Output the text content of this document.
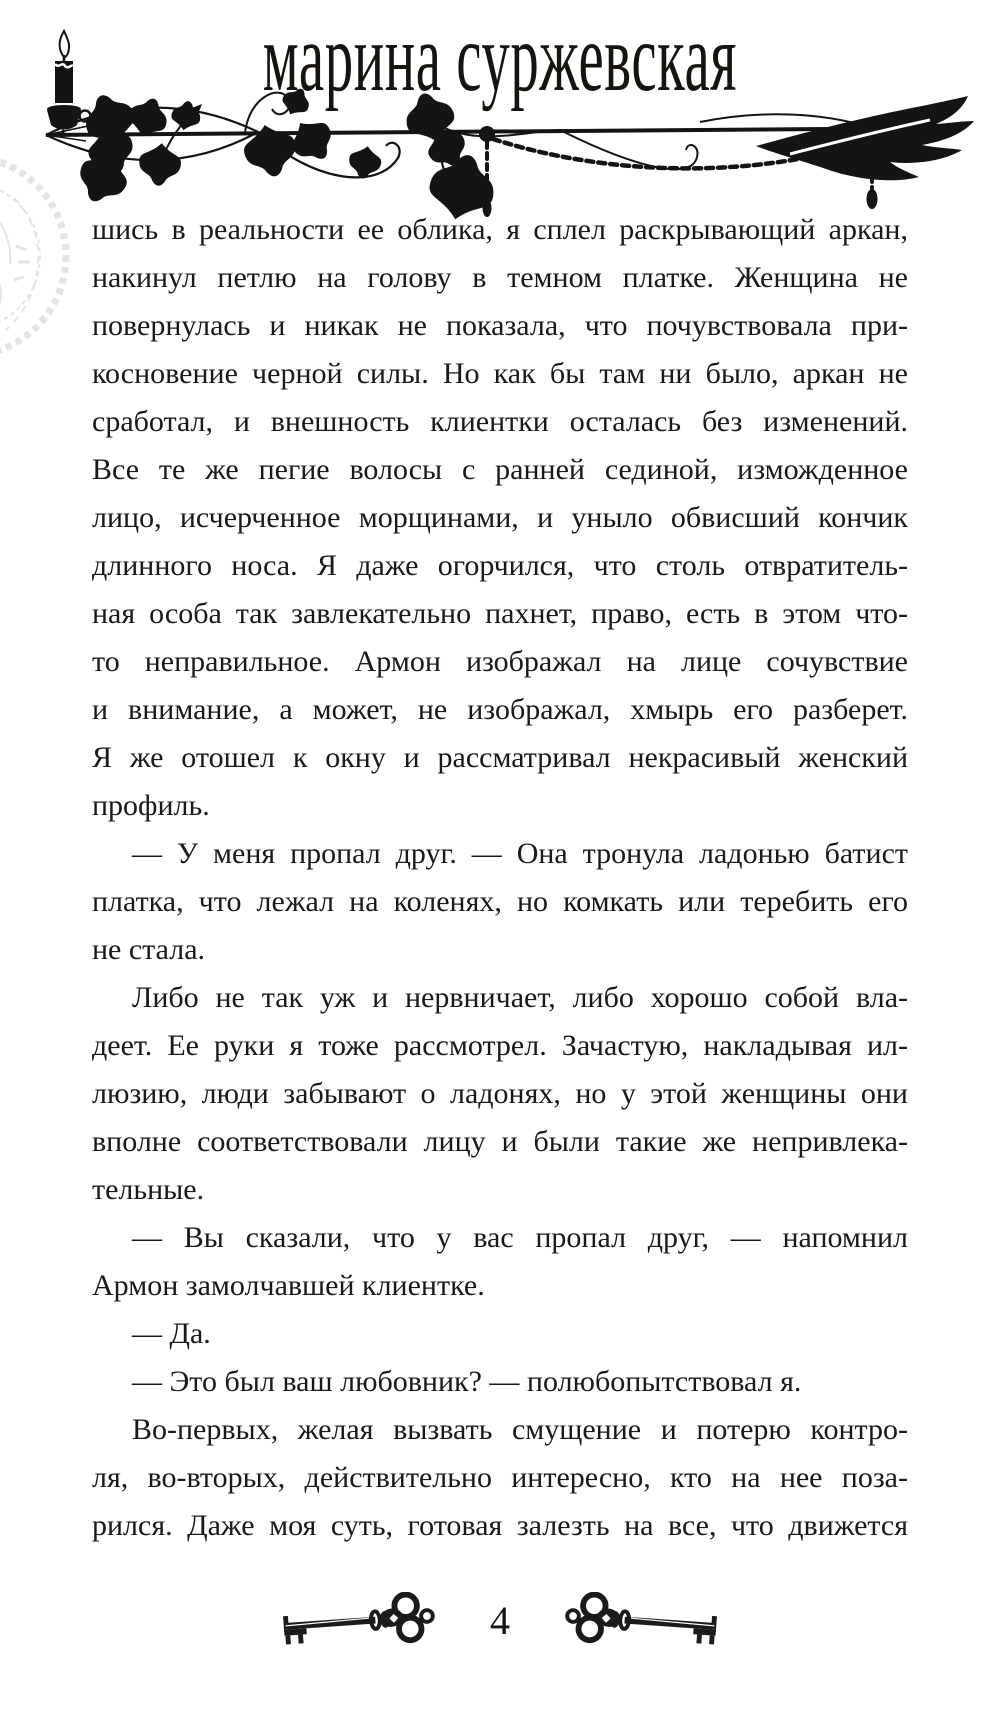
марина суржевская
шись в реальности ее облика, я сплел раскрывающий аркан,
накинул петлю на голову в темном платке. Женщина не
повернулась и никак не показала, что почувствовала при-
косновение черной силы. Но как бы там ни было, аркан не
сработал, и внешность клиентки осталась без изменений.
Все те же пегие волосы с ранней сединой, изможденное
лицо, исчерченное морщинами, и уныло обвисший кончик
длинного носа. Я даже огорчился, что столь отвратитель-
ная особа так завлекательно пахнет, право, есть в этом что-
то неправильное. Армон изображал на лице сочувствие
и внимание, а может, не изображал, хмырь его разберет.
Я же отошел к окну и рассматривал некрасивый женский
профиль.
— У меня пропал друг. — Она тронула ладонью батист
платка, что лежал на коленях, но комкать или теребить его
не стала.
Либо не так уж и нервничает, либо хорошо собой вла-
деет. Ее руки я тоже рассмотрел. Зачастую, накладывая ил-
люзию, люди забывают о ладонях, но у этой женщины они
вполне соответствовали лицу и были такие же непривлека-
тельные.
— Вы сказали, что у вас пропал друг, — напомнил
Армон замолчавшей клиентке.
— Да.
— Это был ваш любовник? — полюбопытствовал я.
Во-первых, желая вызвать смущение и потерю контро-
ля, во-вторых, действительно интересно, кто на нее поза-
рился. Даже моя суть, готовая залезть на все, что движется
4
